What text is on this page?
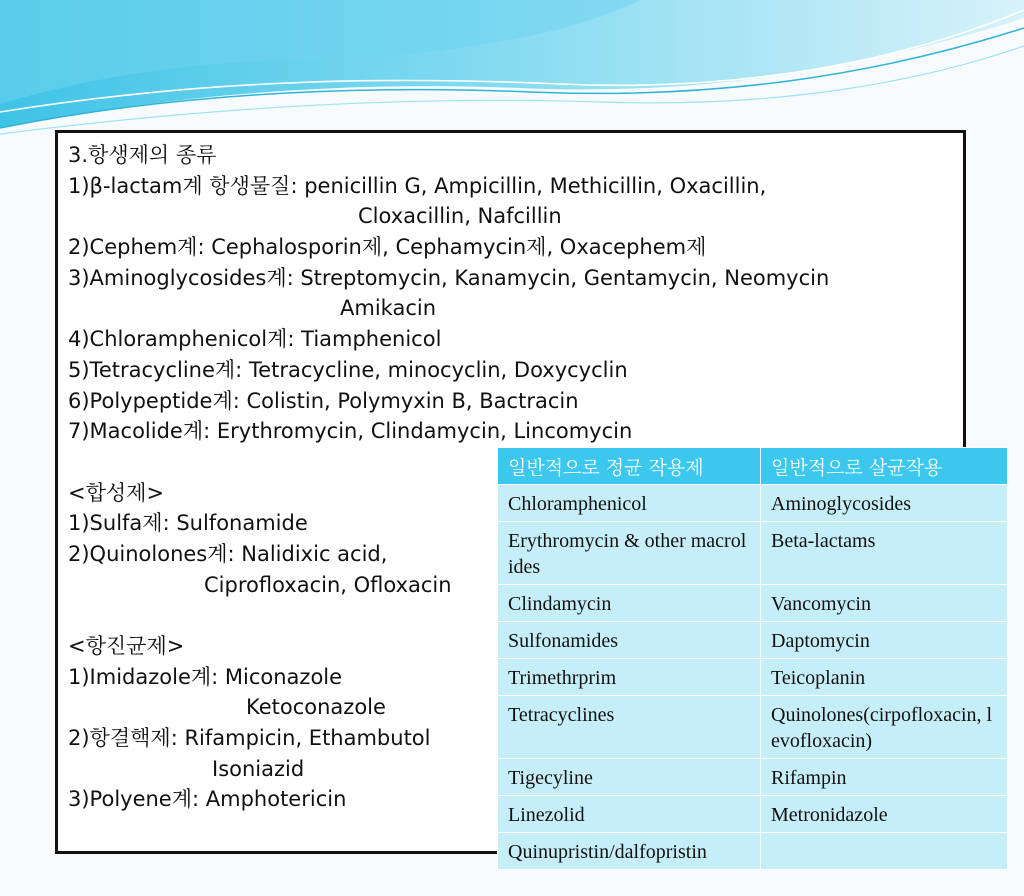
3.항생제의 종류
1)β-lactam계 항생물질: penicillin G, Ampicillin, Methicillin, Oxacillin,
Cloxacillin, Nafcillin
2)Cephem계: Cephalosporin제, Cephamycin제, Oxacephem제
3)Aminoglycosides계: Streptomycin, Kanamycin, Gentamycin, Neomycin
Amikacin
4)Chloramphenicol계: Tiamphenicol
5)Tetracycline계: Tetracycline, minocyclin, Doxycyclin
6)Polypeptide계: Colistin, Polymyxin B, Bactracin
7)Macolide계: Erythromycin, Clindamycin, Lincomycin
<합성제>
1)Sulfa제: Sulfonamide
2)Quinolones계: Nalidixic acid,
Ciprofloxacin, Ofloxacin
<항진균제>
1)Imidazole계: Miconazole
Ketoconazole
2)항결핵제: Rifampicin, Ethambutol
Isoniazid
3)Polyene계: Amphotericin
일반적으로 정균 작용제	일반적으로 살균작용
Chloramphenicol	Aminoglycosides
Erythromycin & other macrolides	Beta-lactams
Clindamycin	Vancomycin
Sulfonamides	Daptomycin
Trimethrprim	Teicoplanin
Tetracyclines	Quinolones(cirpofloxacin, levofloxacin)
Tigecyline	Rifampin
Linezolid	Metronidazole
Quinupristin/dalfopristin	
